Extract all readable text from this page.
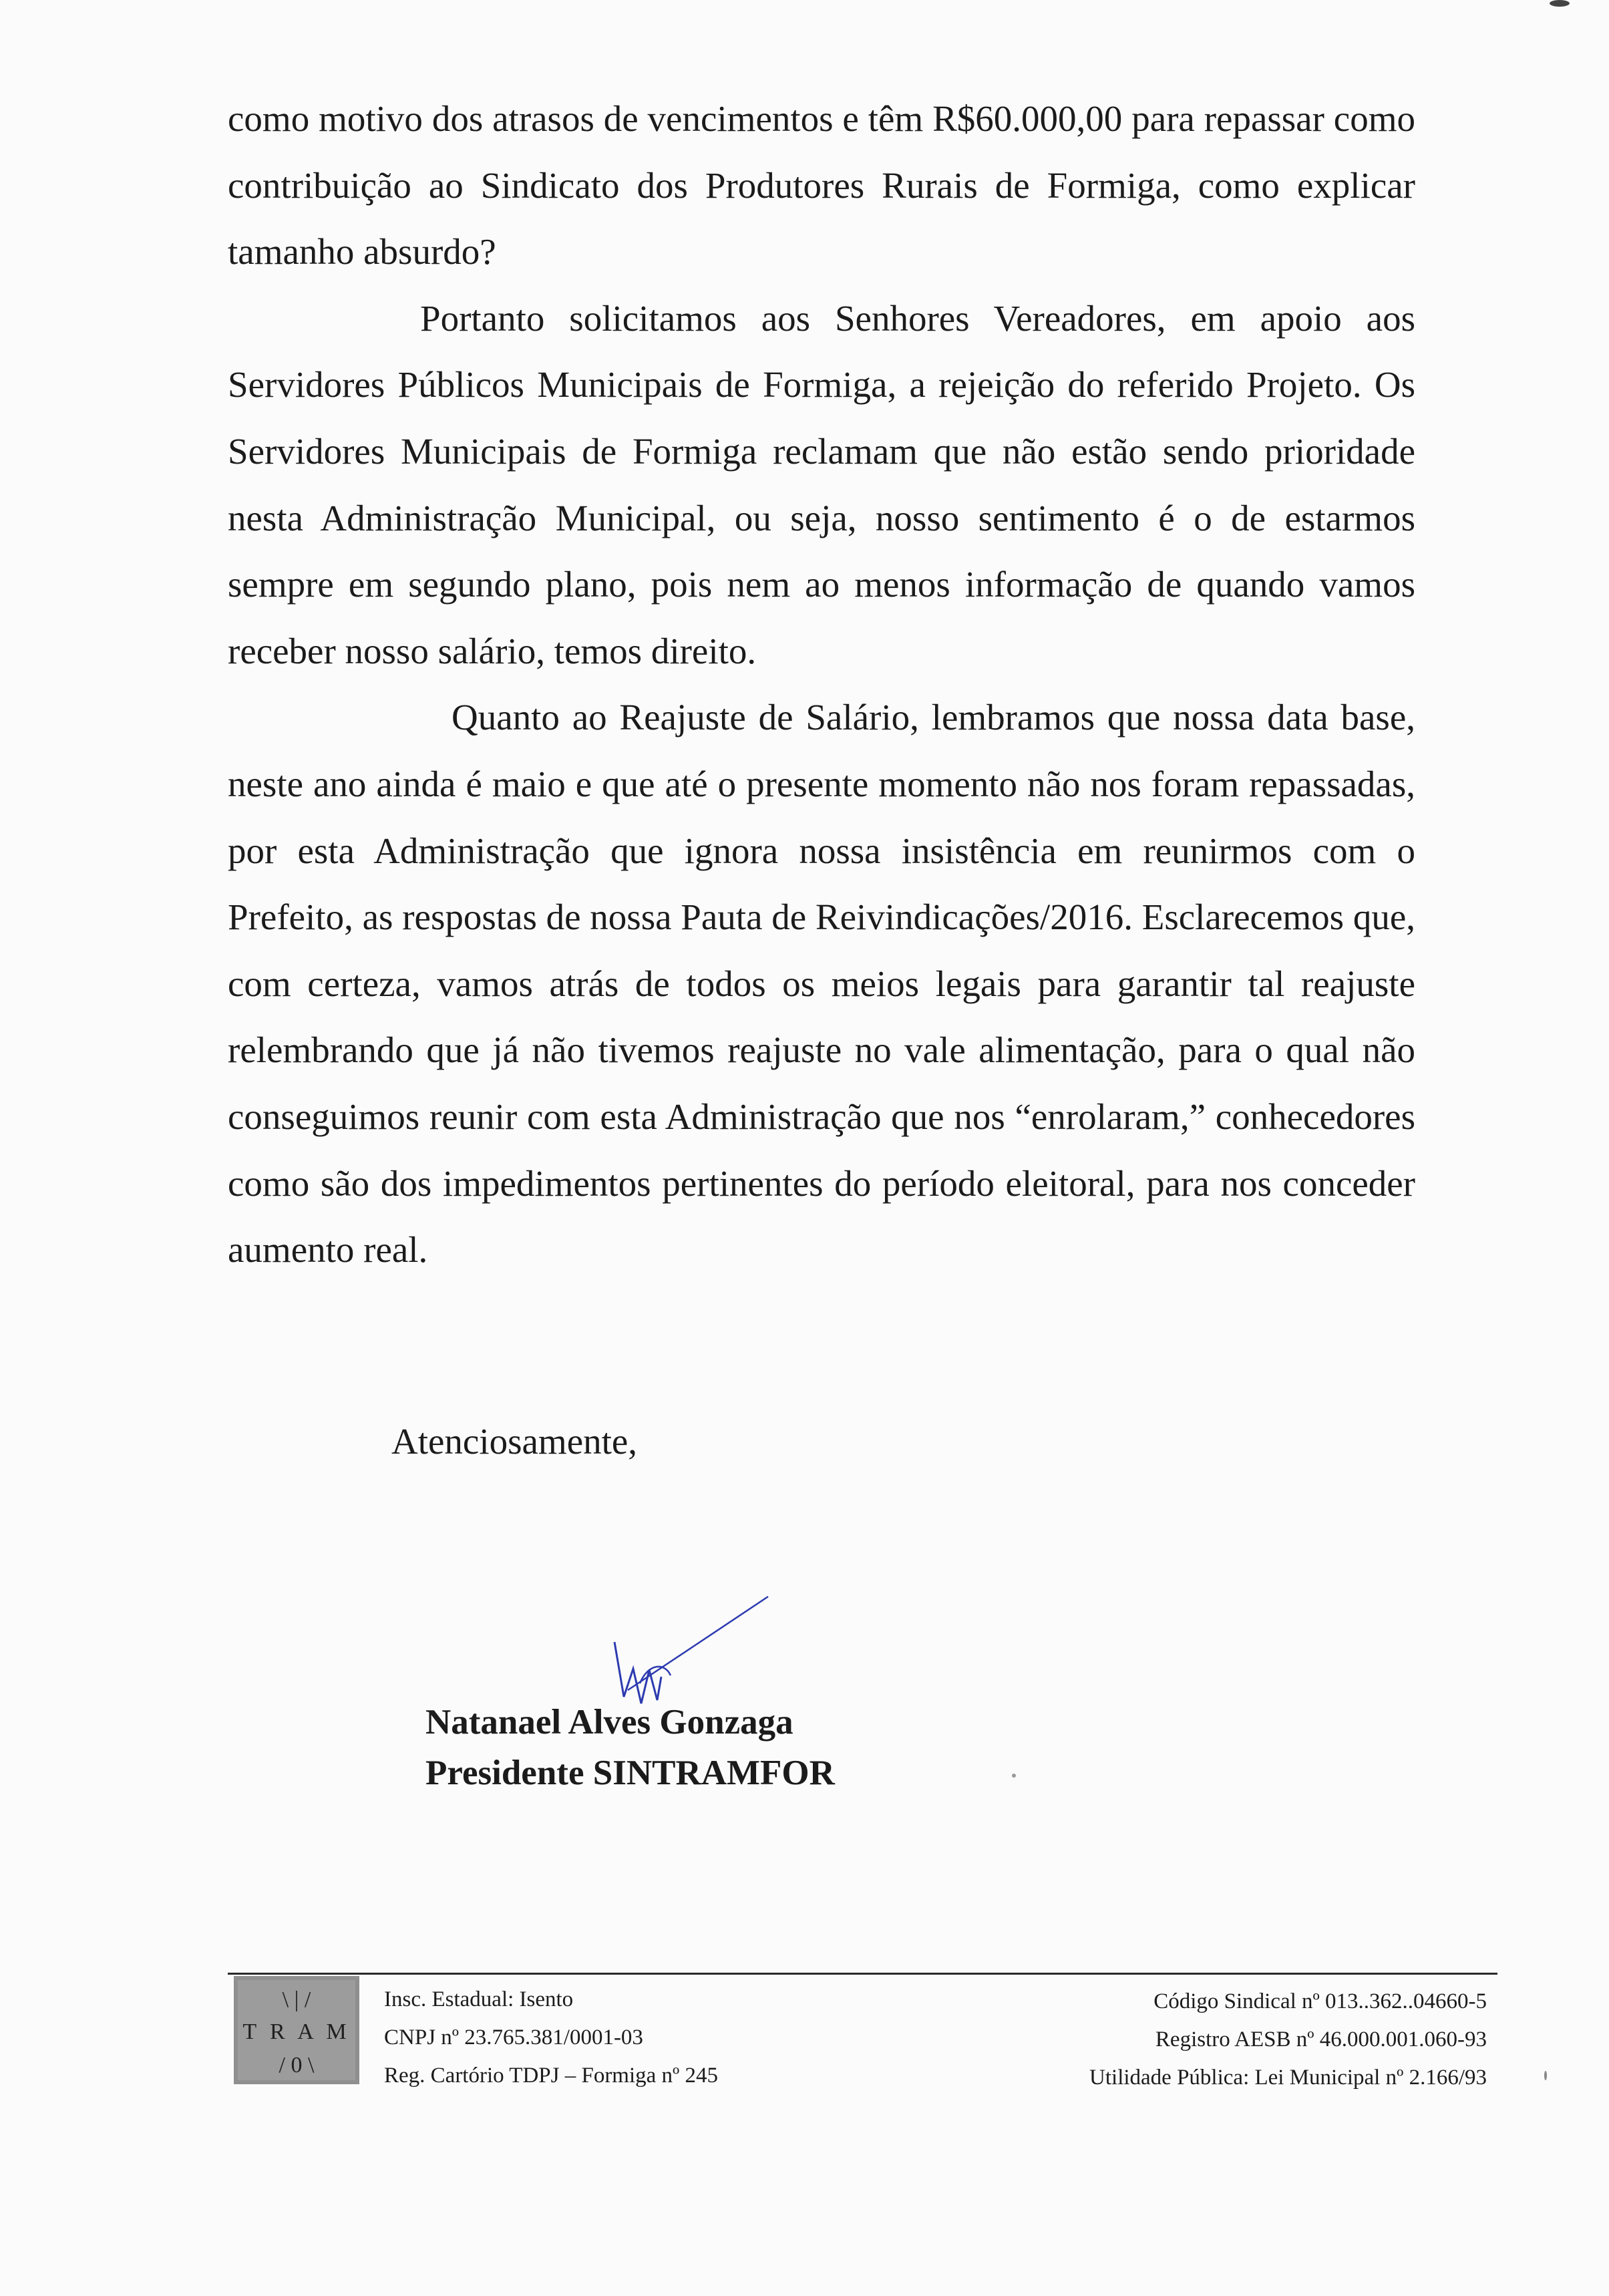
como motivo dos atrasos de vencimentos e têm R$60.000,00 para repassar como contribuição ao Sindicato dos Produtores Rurais de Formiga, como explicar tamanho absurdo?

Portanto solicitamos aos Senhores Vereadores, em apoio aos Servidores Públicos Municipais de Formiga, a rejeição do referido Projeto. Os Servidores Municipais de Formiga reclamam que não estão sendo prioridade nesta Administração Municipal, ou seja, nosso sentimento é o de estarmos sempre em segundo plano, pois nem ao menos informação de quando vamos receber nosso salário, temos direito.

Quanto ao Reajuste de Salário, lembramos que nossa data base, neste ano ainda é maio e que até o presente momento não nos foram repassadas, por esta Administração que ignora nossa insistência em reunirmos com o Prefeito, as respostas de nossa Pauta de Reivindicações/2016. Esclarecemos que, com certeza, vamos atrás de todos os meios legais para garantir tal reajuste relembrando que já não tivemos reajuste no vale alimentação, para o qual não conseguimos reunir com esta Administração que nos “enrolaram,” conhecedores como são dos impedimentos pertinentes do período eleitoral, para nos conceder aumento real.

Atenciosamente,
Natanael Alves Gonzaga
Presidente SINTRAMFOR
\ | /
T R A M
/ 0 \
Insc. Estadual: Isento
CNPJ nº 23.765.381/0001-03
Reg. Cartório TDPJ – Formiga nº 245
Código Sindical nº 013..362..04660-5
Registro AESB nº 46.000.001.060-93
Utilidade Pública: Lei Municipal nº 2.166/93
